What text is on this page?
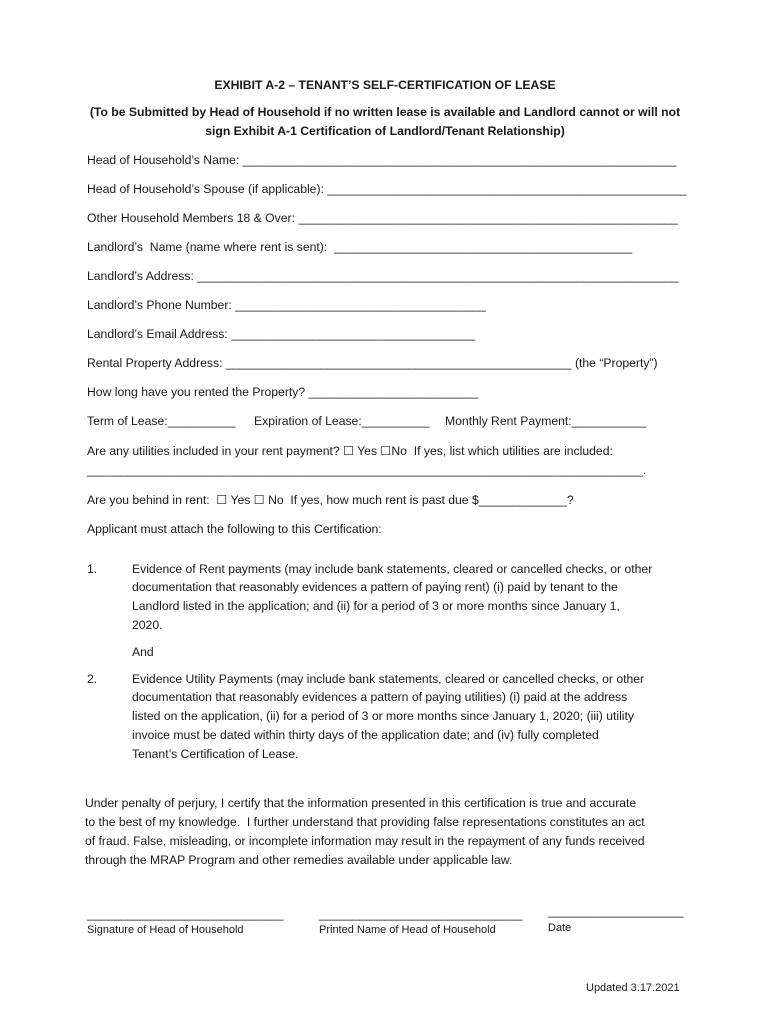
EXHIBIT A-2 – TENANT’S SELF-CERTIFICATION OF LEASE
(To be Submitted by Head of Household if no written lease is available and Landlord cannot or will not
sign Exhibit A-1 Certification of Landlord/Tenant Relationship)
Head of Household’s Name: ________________________________________________________________
Head of Household’s Spouse (if applicable): _____________________________________________________
Other Household Members 18 & Over: ________________________________________________________
Landlord’s  Name (name where rent is sent):  ____________________________________________
Landlord’s Address: _______________________________________________________________________
Landlord’s Phone Number: _____________________________________
Landlord’s Email Address: ____________________________________
Rental Property Address: ___________________________________________________ (the “Property”)
How long have you rented the Property? _________________________
Term of Lease:__________ Expiration of Lease:__________ Monthly Rent Payment:___________
Are any utilities included in your rent payment? ☐ Yes ☐No  If yes, list which utilities are included:
__________________________________________________________________________________.
Are you behind in rent:  ☐ Yes ☐ No  If yes, how much rent is past due $_____________?
Applicant must attach the following to this Certification:
1.	Evidence of Rent payments (may include bank statements, cleared or cancelled checks, or other
documentation that reasonably evidences a pattern of paying rent) (i) paid by tenant to the
Landlord listed in the application; and (ii) for a period of 3 or more months since January 1,
2020.
And
2.	Evidence Utility Payments (may include bank statements, cleared or cancelled checks, or other
documentation that reasonably evidences a pattern of paying utilities) (i) paid at the address
listed on the application, (ii) for a period of 3 or more months since January 1, 2020; (iii) utility
invoice must be dated within thirty days of the application date; and (iv) fully completed
Tenant’s Certification of Lease.
Under penalty of perjury, I certify that the information presented in this certification is true and accurate
to the best of my knowledge.  I further understand that providing false representations constitutes an act
of fraud. False, misleading, or incomplete information may result in the repayment of any funds received
through the MRAP Program and other remedies available under applicable law.
_____________________________
Signature of Head of Household
______________________________
Printed Name of Head of Household
____________________
Date
Updated 3.17.2021
